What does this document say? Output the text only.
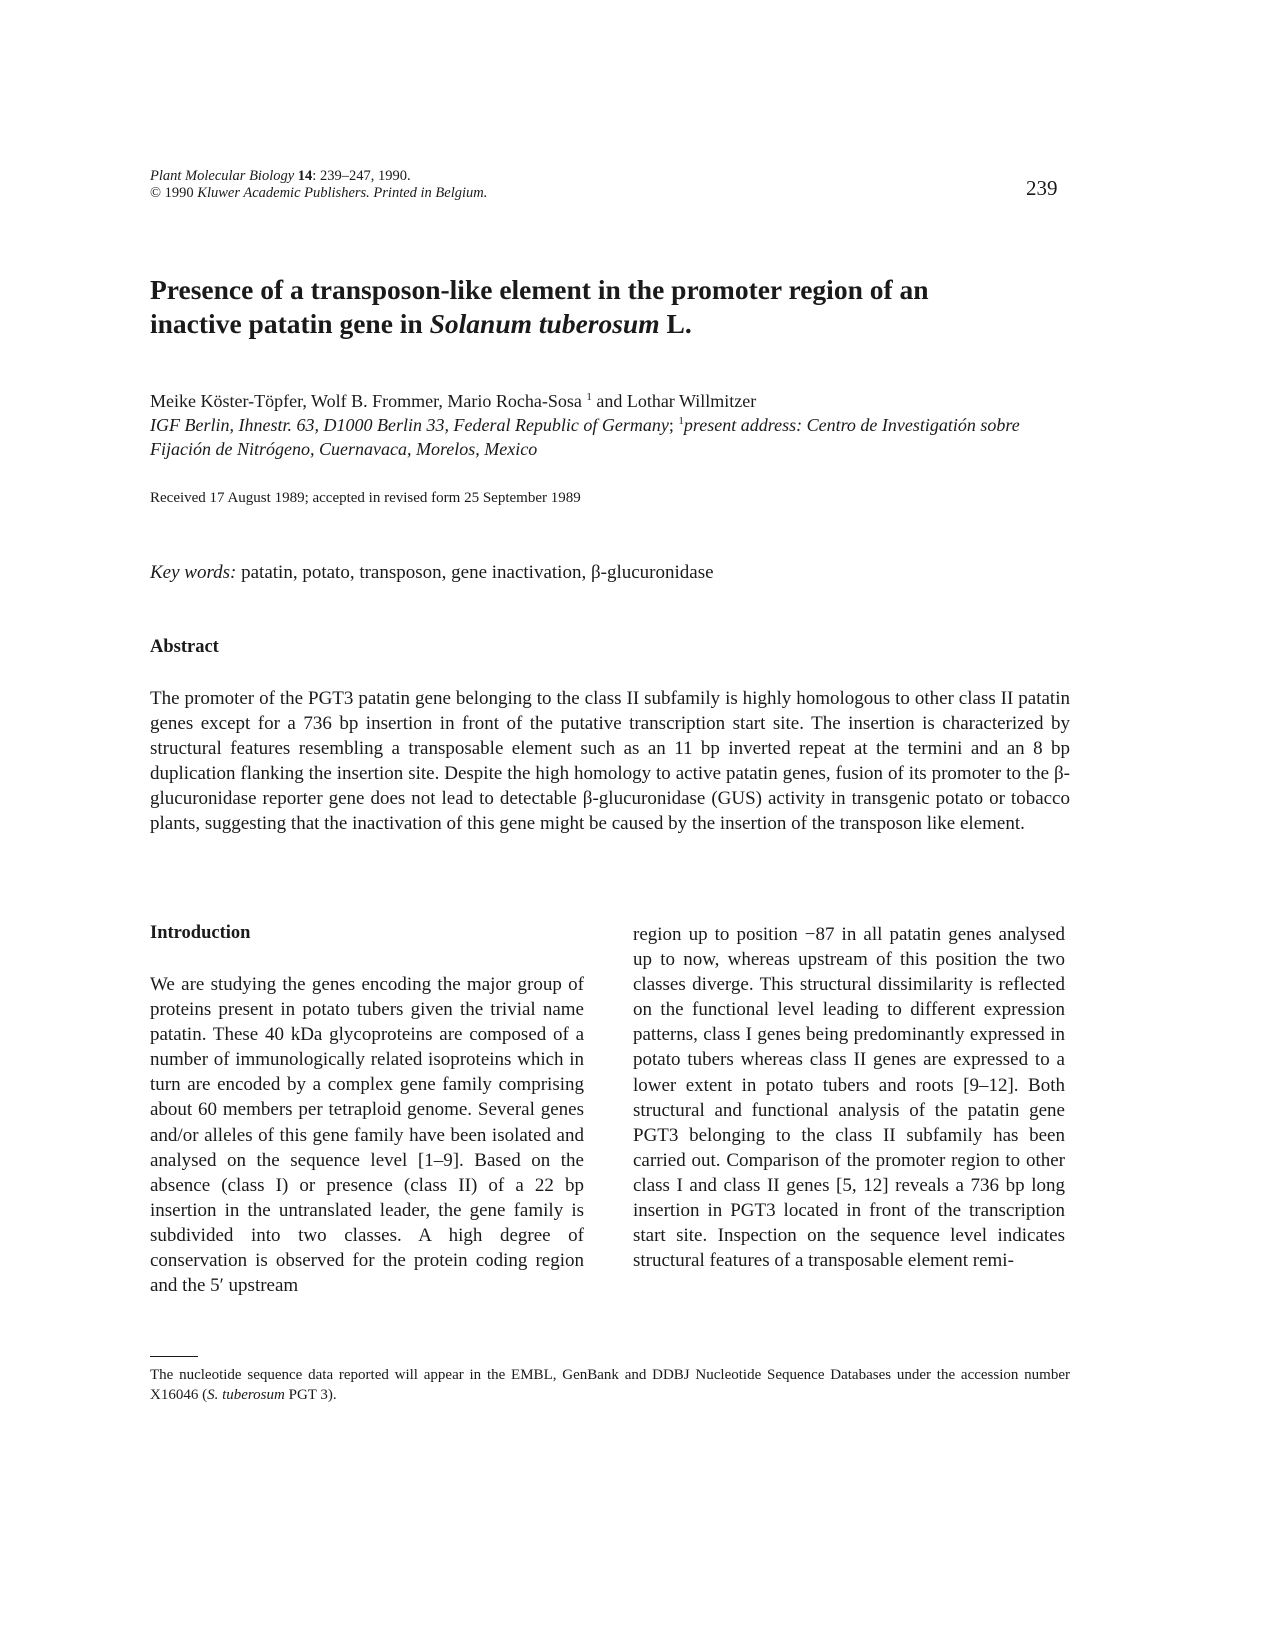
Plant Molecular Biology 14: 239–247, 1990.
© 1990 Kluwer Academic Publishers. Printed in Belgium.	239
Presence of a transposon-like element in the promoter region of an
inactive patatin gene in Solanum tuberosum L.
Meike Köster-Töpfer, Wolf B. Frommer, Mario Rocha-Sosa $^1$ and Lothar Willmitzer
IGF Berlin, Ihnestr. 63, D1000 Berlin 33, Federal Republic of Germany; $^1$present address: Centro de Investigatión sobre Fijación de Nitrógeno, Cuernavaca, Morelos, Mexico
Received 17 August 1989; accepted in revised form 25 September 1989
Key words: patatin, potato, transposon, gene inactivation, β-glucuronidase
Abstract

The promoter of the PGT3 patatin gene belonging to the class II subfamily is highly homologous to other class II patatin genes except for a 736 bp insertion in front of the putative transcription start site. The insertion is characterized by structural features resembling a transposable element such as an 11 bp inverted repeat at the termini and an 8 bp duplication flanking the insertion site. Despite the high homology to active patatin genes, fusion of its promoter to the β-glucuronidase reporter gene does not lead to detectable β-glucuronidase (GUS) activity in transgenic potato or tobacco plants, suggesting that the inactivation of this gene might be caused by the insertion of the transposon like element.

Introduction

We are studying the genes encoding the major group of proteins present in potato tubers given the trivial name patatin. These 40 kDa glycoproteins are composed of a number of immunologically related isoproteins which in turn are encoded by a complex gene family comprising about 60 members per tetraploid genome. Several genes and/or alleles of this gene family have been isolated and analysed on the sequence level [1–9]. Based on the absence (class I) or presence (class II) of a 22 bp insertion in the untranslated leader, the gene family is subdivided into two classes. A high degree of conservation is observed for the protein coding region and the 5′ upstream

region up to position −87 in all patatin genes analysed up to now, whereas upstream of this position the two classes diverge. This structural dissimilarity is reflected on the functional level leading to different expression patterns, class I genes being predominantly expressed in potato tubers whereas class II genes are expressed to a lower extent in potato tubers and roots [9–12]. Both structural and functional analysis of the patatin gene PGT3 belonging to the class II subfamily has been carried out. Comparison of the promoter region to other class I and class II genes [5, 12] reveals a 736 bp long insertion in PGT3 located in front of the transcription start site. Inspection on the sequence level indicates structural features of a transposable element remi-

The nucleotide sequence data reported will appear in the EMBL, GenBank and DDBJ Nucleotide Sequence Databases under the accession number X16046 (S. tuberosum PGT 3).
